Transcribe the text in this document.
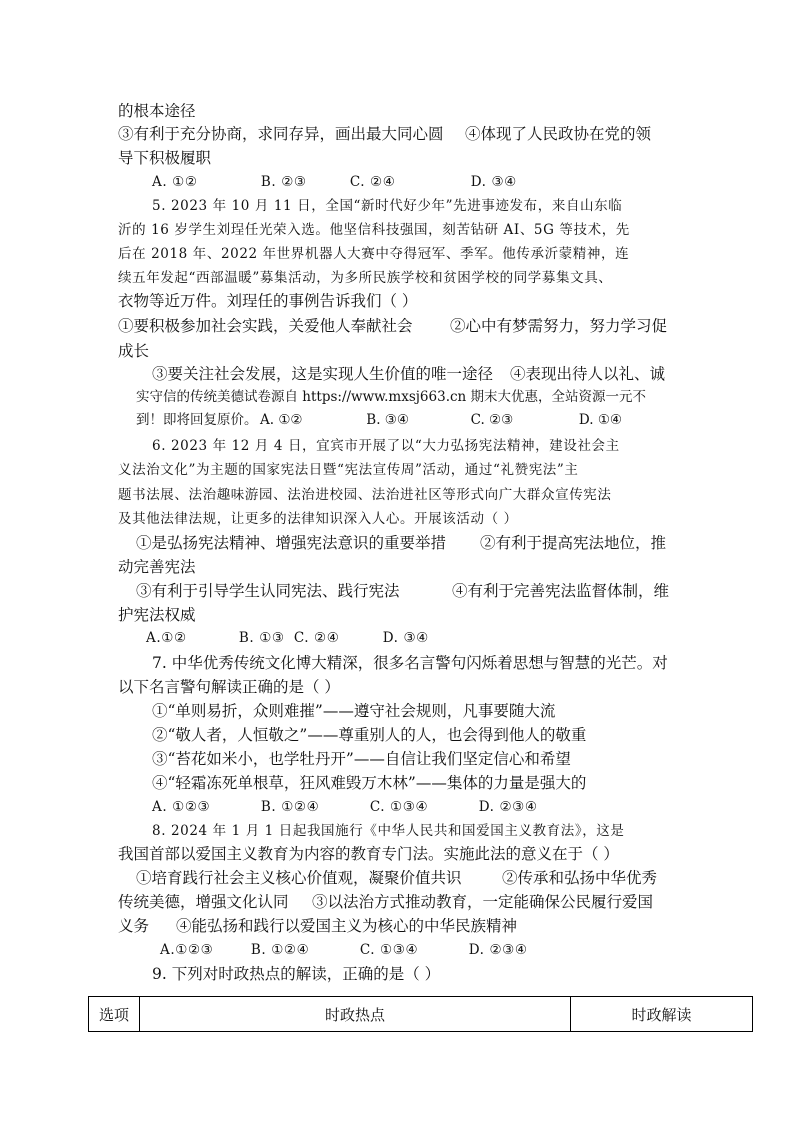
的根本途径
③有利于充分协商，求同存异，画出最大同心圆 ④体现了人民政协在党的领
导下积极履职
A. ①②	B. ②③	C. ②④	D. ③④
5. 2023 年 10 月 11 日，全国“新时代好少年”先进事迹发布，来自山东临
沂的 16 岁学生刘珵任光荣入选。他坚信科技强国，刻苦钻研 AI、5G 等技术，先
后在 2018 年、2022 年世界机器人大赛中夺得冠军、季军。他传承沂蒙精神，连
续五年发起“西部温暖”募集活动，为多所民族学校和贫困学校的同学募集文具、
衣物等近万件。刘珵任的事例告诉我们（ ）
①要积极参加社会实践，关爱他人奉献社会 ②心中有梦需努力，努力学习促
成长
③要关注社会发展，这是实现人生价值的唯一途径 ④表现出待人以礼、诚
实守信的传统美德试卷源自 https://www.mxsj663.cn 期末大优惠，全站资源一元不
到！即将回复原价。 A. ①②	B. ③④	C. ②③	D. ①④
6. 2023 年 12 月 4 日，宜宾市开展了以“大力弘扬宪法精神，建设社会主
义法治文化”为主题的国家宪法日暨“宪法宣传周”活动，通过“礼赞宪法”主
题书法展、法治趣味游园、法治进校园、法治进社区等形式向广大群众宣传宪法
及其他法律法规，让更多的法律知识深入人心。开展该活动（ ）
①是弘扬宪法精神、增强宪法意识的重要举措 ②有利于提高宪法地位，推
动完善宪法
③有利于引导学生认同宪法、践行宪法	④有利于完善宪法监督体制，维
护宪法权威
A.①②	B. ①③ C. ②④	D. ③④
7. 中华优秀传统文化博大精深，很多名言警句闪烁着思想与智慧的光芒。对
以下名言警句解读正确的是（ ）
①“单则易折，众则难摧”——遵守社会规则，凡事要随大流
②“敬人者，人恒敬之”——尊重别人的人，也会得到他人的敬重
③“苔花如米小，也学牡丹开”——自信让我们坚定信心和希望
④“轻霜冻死单根草，狂风难毁万木林”——集体的力量是强大的
A. ①②③	B. ①②④	C. ①③④	D. ②③④
8. 2024 年 1 月 1 日起我国施行《中华人民共和国爱国主义教育法》，这是
我国首部以爱国主义教育为内容的教育专门法。实施此法的意义在于（ ）
①培育践行社会主义核心价值观，凝聚价值共识	②传承和弘扬中华优秀
传统美德，增强文化认同 ③以法治方式推动教育，一定能确保公民履行爱国
义务 ④能弘扬和践行以爱国主义为核心的中华民族精神
A.①②③	B. ①②④	C. ①③④	D. ②③④
9. 下列对时政热点的解读，正确的是（ ）
选项	时政热点	时政解读
